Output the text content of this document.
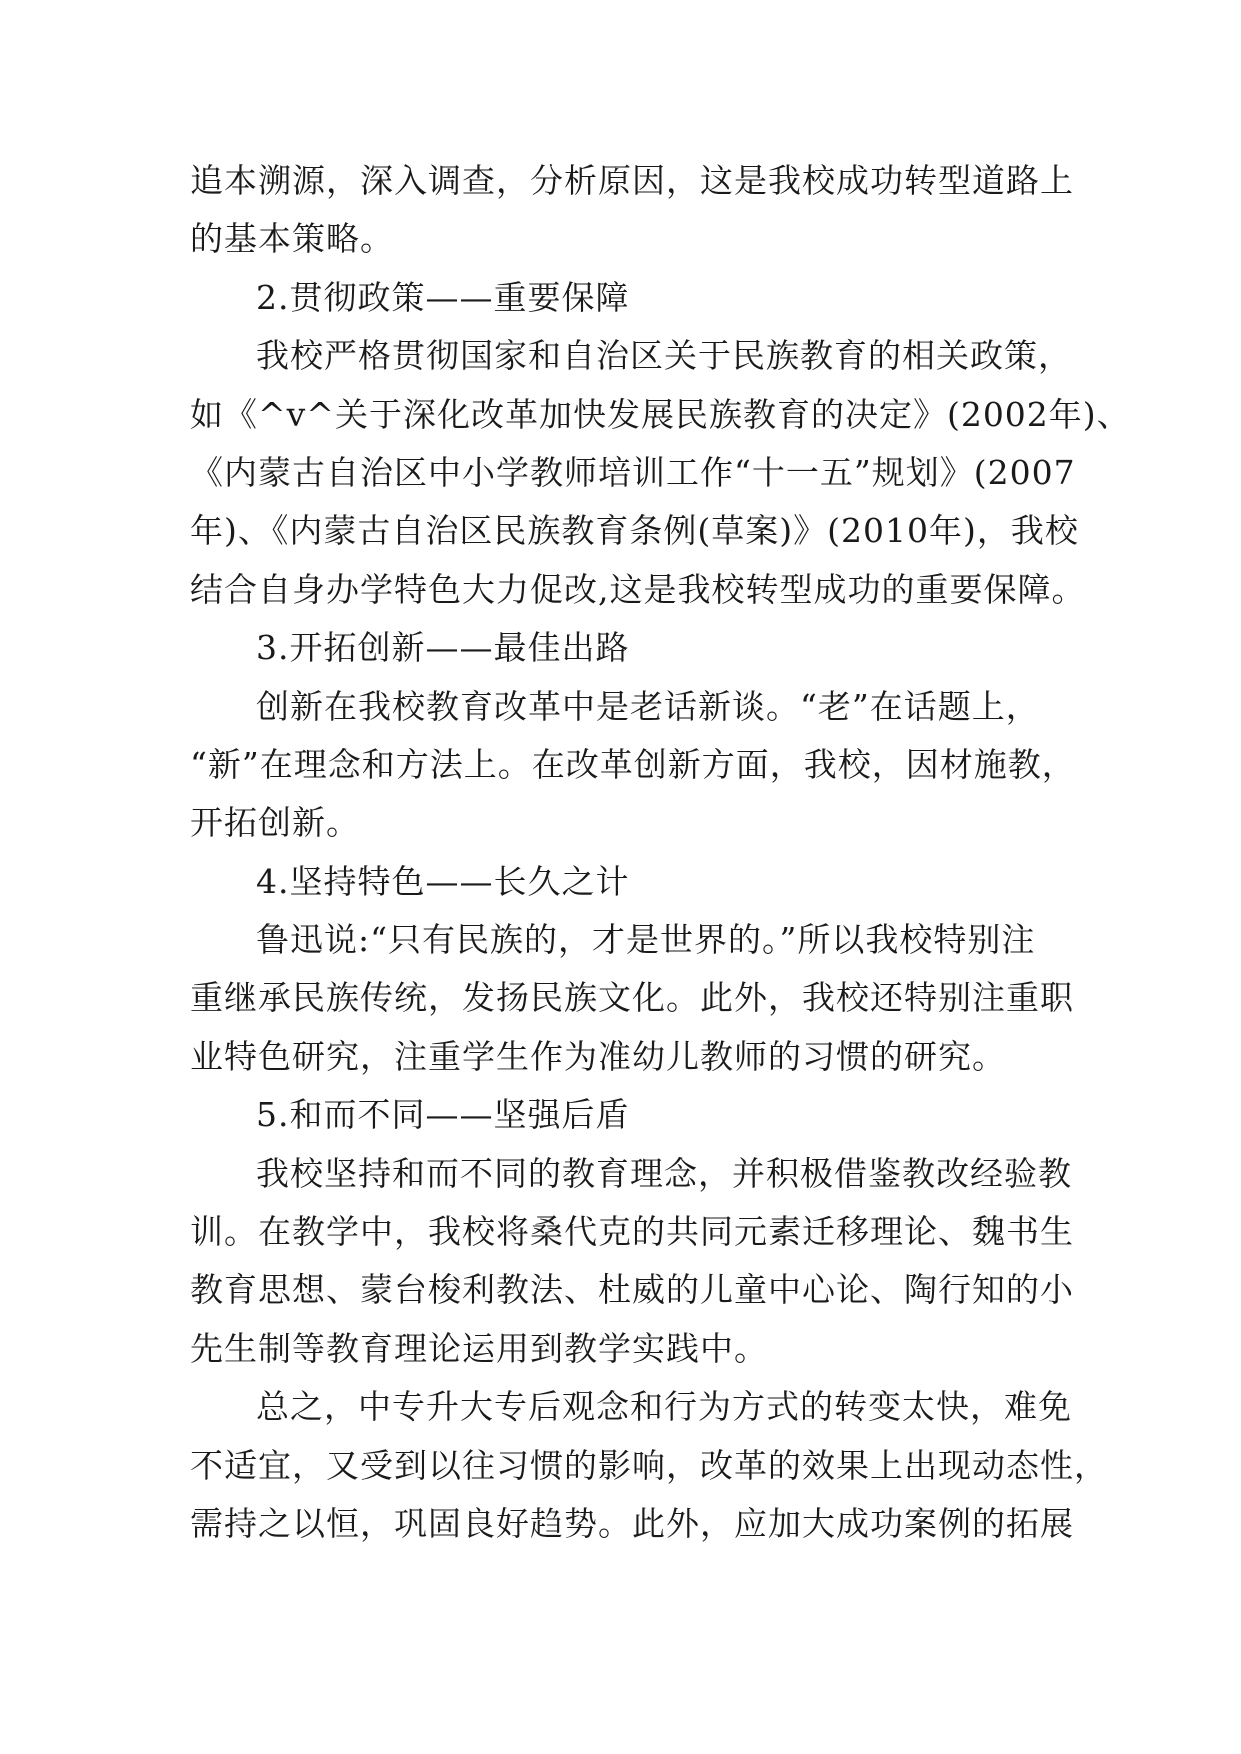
追本溯源，深入调查，分析原因，这是我校成功转型道路上
的基本策略。
2.贯彻政策——重要保障
我校严格贯彻国家和自治区关于民族教育的相关政策，
如《^v^关于深化改革加快发展民族教育的决定》(2002年)、
《内蒙古自治区中小学教师培训工作“十一五”规划》(2007
年)、《内蒙古自治区民族教育条例(草案)》(2010年)，我校
结合自身办学特色大力促改,这是我校转型成功的重要保障。
3.开拓创新——最佳出路
创新在我校教育改革中是老话新谈。“老”在话题上，
“新”在理念和方法上。在改革创新方面，我校，因材施教，
开拓创新。
4.坚持特色——长久之计
鲁迅说:“只有民族的，才是世界的。”所以我校特别注
重继承民族传统，发扬民族文化。此外，我校还特别注重职
业特色研究，注重学生作为准幼儿教师的习惯的研究。
5.和而不同——坚强后盾
我校坚持和而不同的教育理念，并积极借鉴教改经验教
训。在教学中，我校将桑代克的共同元素迁移理论、魏书生
教育思想、蒙台梭利教法、杜威的儿童中心论、陶行知的小
先生制等教育理论运用到教学实践中。
总之，中专升大专后观念和行为方式的转变太快，难免
不适宜，又受到以往习惯的影响，改革的效果上出现动态性，
需持之以恒，巩固良好趋势。此外，应加大成功案例的拓展
